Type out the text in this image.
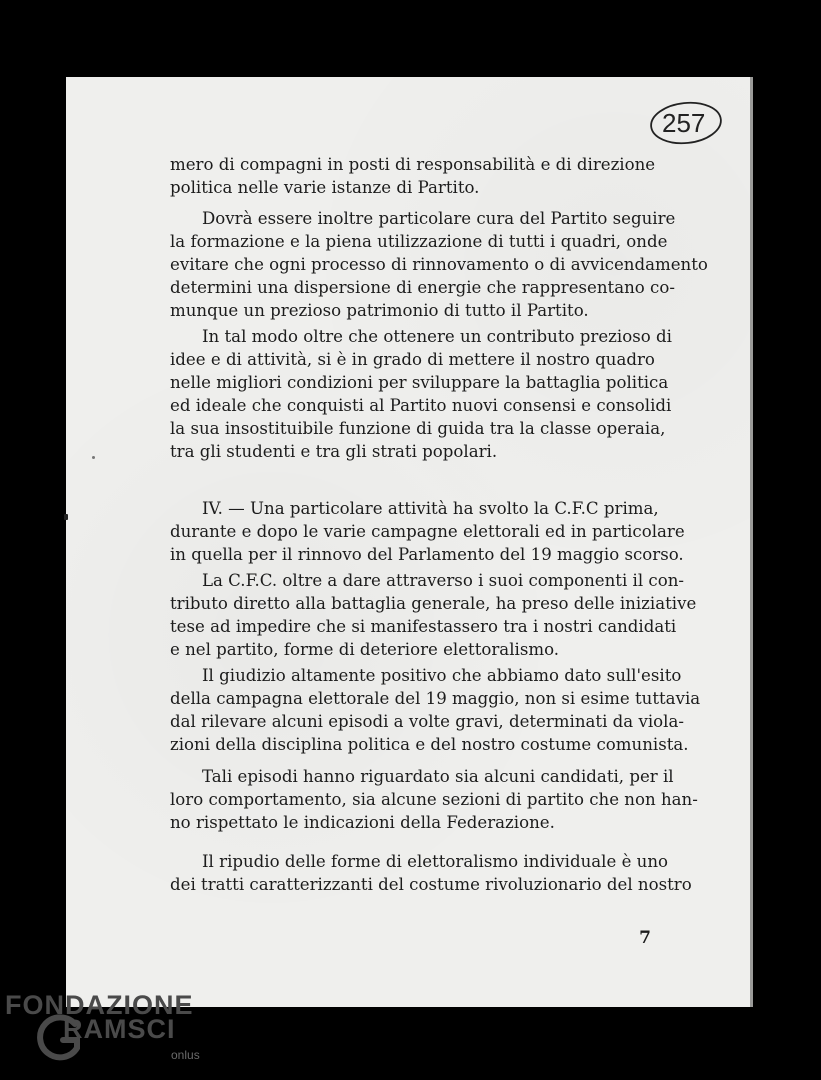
257
mero di compagni in posti di responsabilità e di direzione
politica nelle varie istanze di Partito.
Dovrà essere inoltre particolare cura del Partito seguire
la formazione e la piena utilizzazione di tutti i quadri, onde
evitare che ogni processo di rinnovamento o di avvicendamento
determini una dispersione di energie che rappresentano co-
munque un prezioso patrimonio di tutto il Partito.
In tal modo oltre che ottenere un contributo prezioso di
idee e di attività, si è in grado di mettere il nostro quadro
nelle migliori condizioni per sviluppare la battaglia politica
ed ideale che conquisti al Partito nuovi consensi e consolidi
la sua insostituibile funzione di guida tra la classe operaia,
tra gli studenti e tra gli strati popolari.
IV. — Una particolare attività ha svolto la C.F.C prima,
durante e dopo le varie campagne elettorali ed in particolare
in quella per il rinnovo del Parlamento del 19 maggio scorso.
La C.F.C. oltre a dare attraverso i suoi componenti il con-
tributo diretto alla battaglia generale, ha preso delle iniziative
tese ad impedire che si manifestassero tra i nostri candidati
e nel partito, forme di deteriore elettoralismo.
Il giudizio altamente positivo che abbiamo dato sull'esito
della campagna elettorale del 19 maggio, non si esime tuttavia
dal rilevare alcuni episodi a volte gravi, determinati da viola-
zioni della disciplina politica e del nostro costume comunista.
Tali episodi hanno riguardato sia alcuni candidati, per il
loro comportamento, sia alcune sezioni di partito che non han-
no rispettato le indicazioni della Federazione.
Il ripudio delle forme di elettoralismo individuale è uno
dei tratti caratterizzanti del costume rivoluzionario del nostro
7
FONDAZIONE
RAMSCI
onlus
